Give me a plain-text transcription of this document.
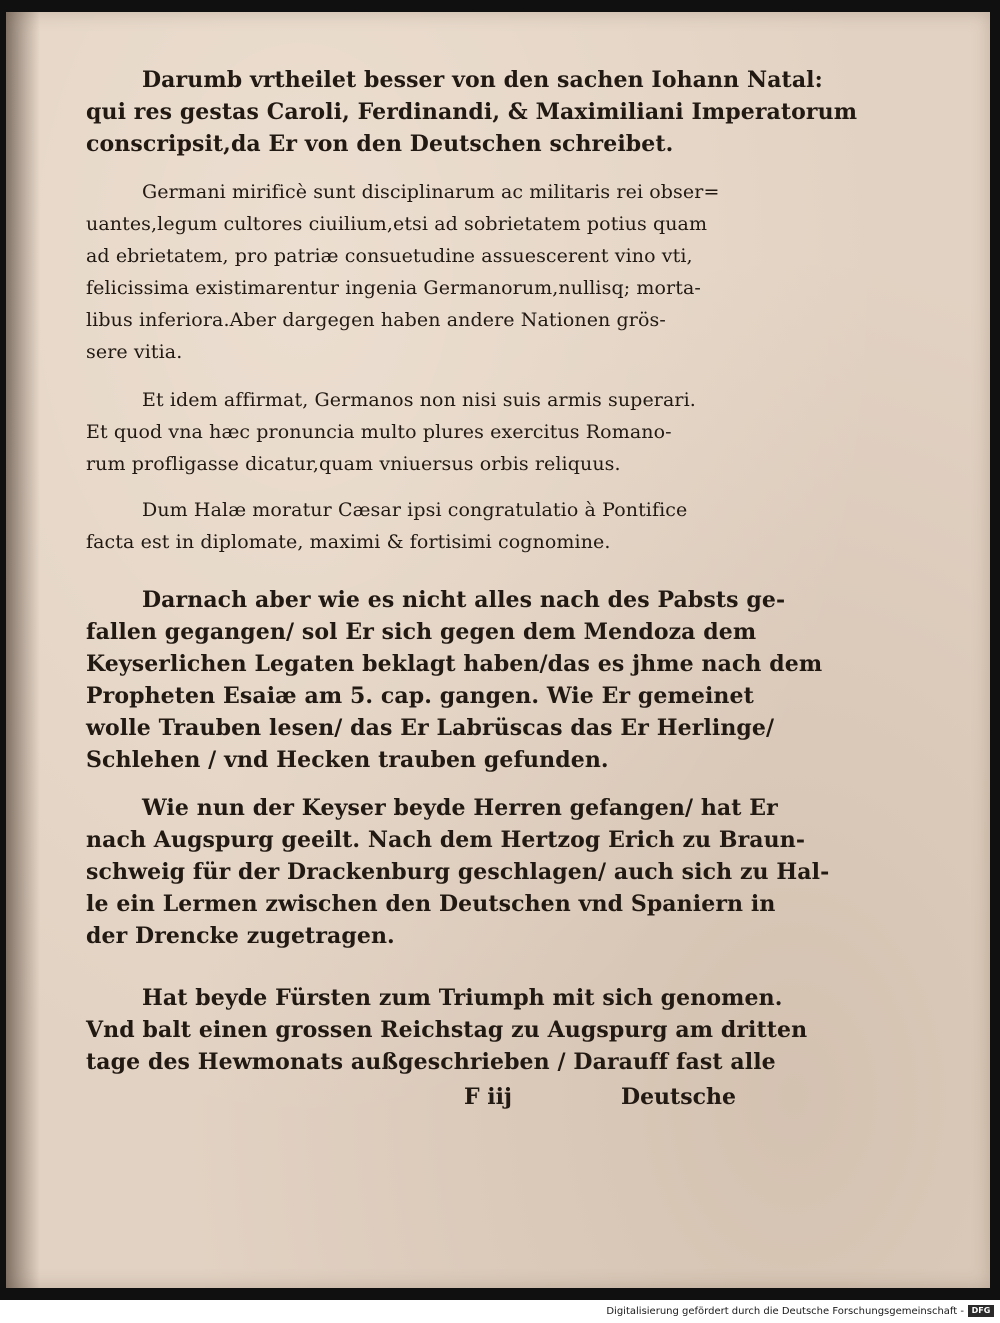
Darumb vrtheilet besser von den sachen Iohann Natal:
qui res gestas Caroli, Ferdinandi, & Maximiliani Imperatorum
conscripsit,da Er von den Deutschen schreibet.
Germani mirificè sunt disciplinarum ac militaris rei obser=
uantes,legum cultores ciuilium,etsi ad sobrietatem potius quam
ad ebrietatem, pro patriæ consuetudine assuescerent vino vti,
felicissima existimarentur ingenia Germanorum,nullisq; morta-
libus inferiora.Aber dargegen haben andere Nationen grös-
sere vitia.
Et idem affirmat, Germanos non nisi suis armis superari.
Et quod vna hæc pronuncia multo plures exercitus Romano-
rum profligasse dicatur,quam vniuersus orbis reliquus.
Dum Halæ moratur Cæsar ipsi congratulatio à Pontifice
facta est in diplomate, maximi & fortisimi cognomine.
Darnach aber wie es nicht alles nach des Pabsts ge-
fallen gegangen/ sol Er sich gegen dem Mendoza dem
Keyserlichen Legaten beklagt haben/das es jhme nach dem
Propheten Esaiæ am 5. cap. gangen. Wie Er gemeinet
wolle Trauben lesen/ das Er Labrüscas das Er Herlinge/
Schlehen / vnd Hecken trauben gefunden.
Wie nun der Keyser beyde Herren gefangen/ hat Er
nach Augspurg geeilt. Nach dem Hertzog Erich zu Braun-
schweig für der Drackenburg geschlagen/ auch sich zu Hal-
le ein Lermen zwischen den Deutschen vnd Spaniern in
der Drencke zugetragen.
Hat beyde Fürsten zum Triumph mit sich genomen.
Vnd balt einen grossen Reichstag zu Augspurg am dritten
tage des Hewmonats außgeschrieben / Darauff fast alle
F iij	Deutsche
Digitalisierung gefördert durch die Deutsche Forschungsgemeinschaft - DFG
